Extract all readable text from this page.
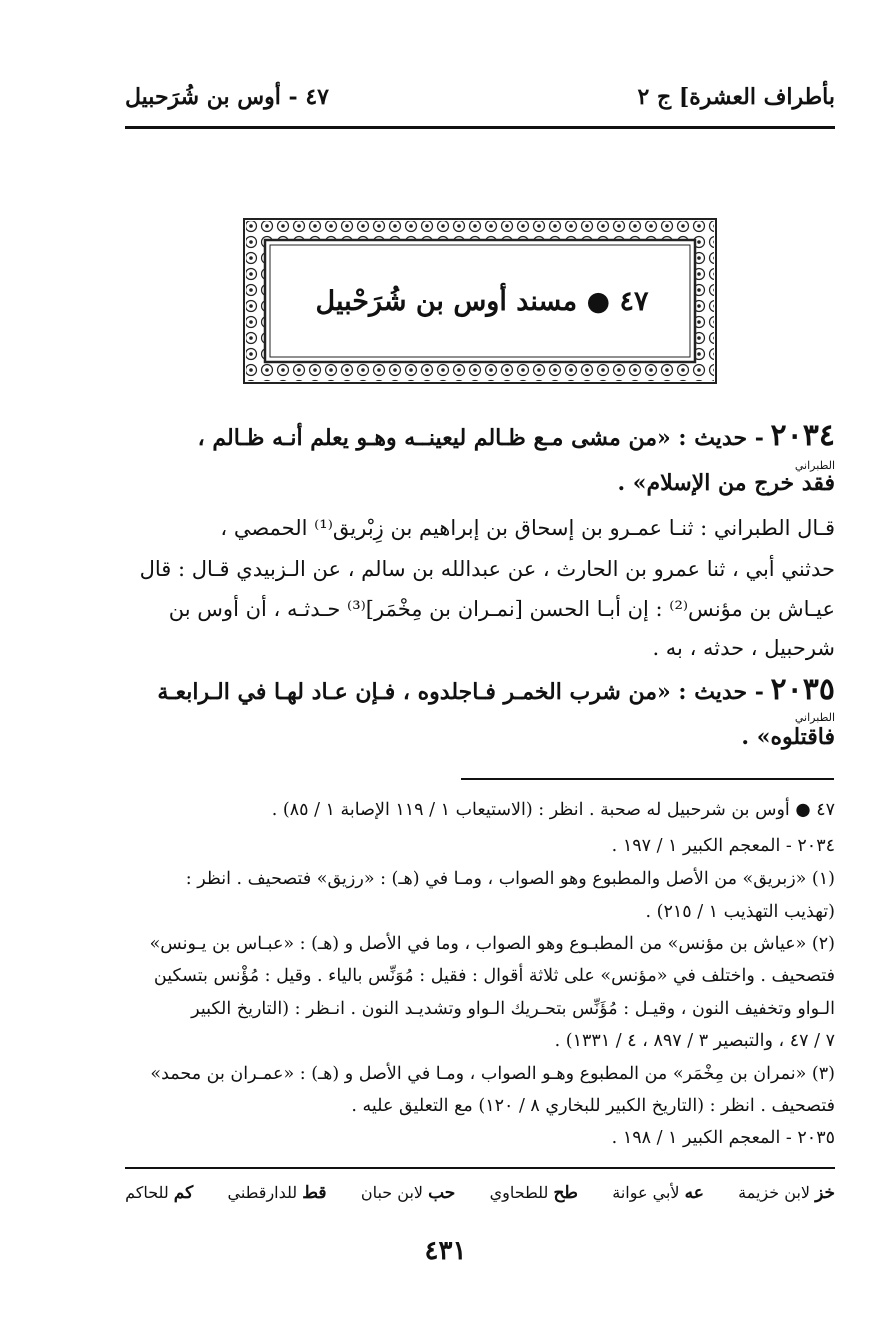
بأطراف العشرة] ج ٢
٤٧ - أوس بن شُرَحبيل
٤٧ ● مسند أوس بن شُرَحْبيل
٢٠٣٤ - حديث : «من مشى مـع ظـالم ليعينــه وهـو يعلم أنـه ظـالم ،
الطبراني
فقد خرج من الإسلام» .
قـال الطبراني : ثنـا عمـرو بن إسحاق بن إبراهيم بن زِبْريق⁽¹⁾ الحمصي ،
حدثني أبي ، ثنا عمرو بن الحارث ، عن عبدالله بن سالم ، عن الـزبيدي قـال : قال
عيـاش بن مؤنس⁽²⁾ : إن أبـا الحسن [نمـران بن مِخْمَر]⁽³⁾ حـدثـه ، أن أوس بن
شرحبيل ، حدثه ، به .
٢٠٣٥ - حديث : «من شرب الخمـر فـاجلدوه ، فـإن عـاد لهـا في الـرابعـة
الطبراني
فاقتلوه» .
٤٧ ● أوس بن شرحبيل له صحبة . انظر : (الاستيعاب ١ / ١١٩ الإصابة ١ / ٨٥) .
٢٠٣٤ - المعجم الكبير ١ / ١٩٧ .
(١) «زبريق» من الأصل والمطبوع وهو الصواب ، ومـا في (هـ) : «رزيق» فتصحيف . انظر :
(تهذيب التهذيب ١ / ٢١٥) .
(٢) «عياش بن مؤنس» من المطبـوع وهو الصواب ، وما في الأصل و (هـ) : «عبـاس بن يـونس»
فتصحيف . واختلف في «مؤنس» على ثلاثة أقوال : فقيل : مُوَنِّس بالياء . وقيل : مُؤْنس بتسكين
الـواو وتخفيف النون ، وقيـل : مُؤَنِّس بتحـريك الـواو وتشديـد النون . انـظر : (التاريخ الكبير
٧ / ٤٧ ، والتبصير ٣ / ٨٩٧ ، ٤ / ١٣٣١) .
(٣) «نمران بن مِخْمَر» من المطبوع وهـو الصواب ، ومـا في الأصل و (هـ) : «عمـران بن محمد»
فتصحيف . انظر : (التاريخ الكبير للبخاري ٨ / ١٢٠) مع التعليق عليه .
٢٠٣٥ - المعجم الكبير ١ / ١٩٨ .
خز لابن خزيمة
عه لأبي عوانة
طح للطحاوي
حب لابن حبان
قط للدارقطني
كم للحاكم
٤٣١
